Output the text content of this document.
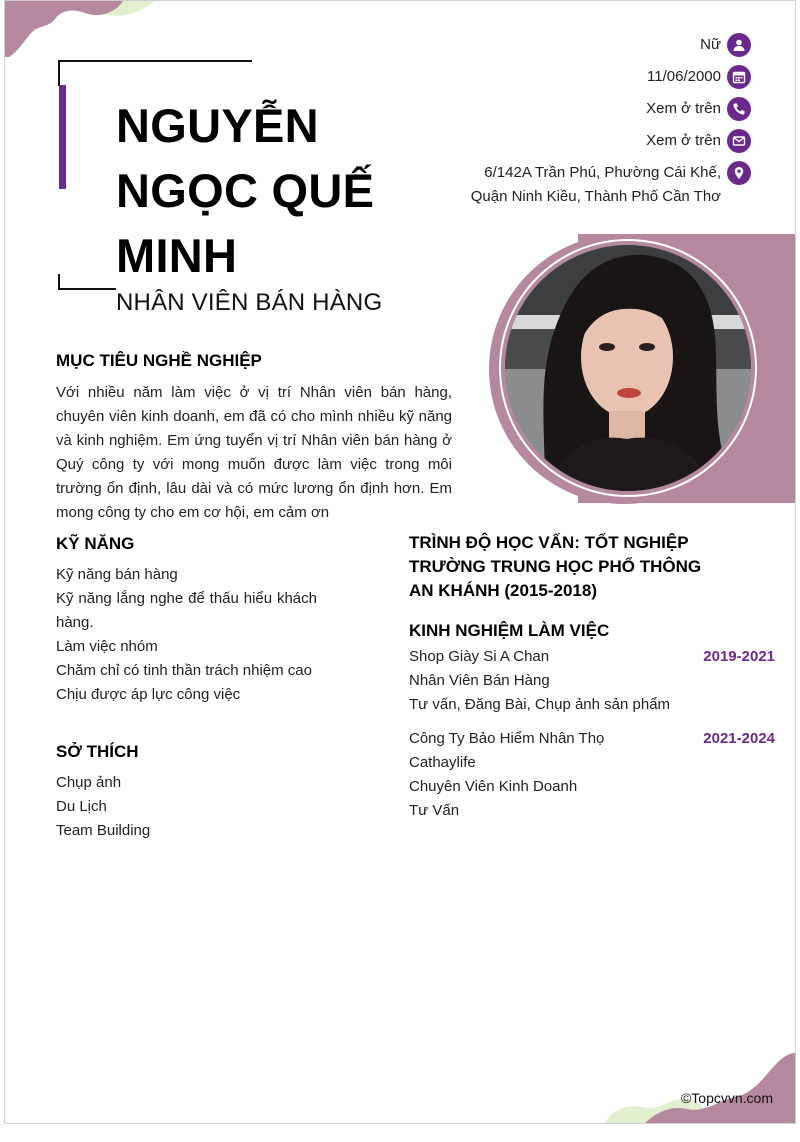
NGUYỄN NGỌC QUẾ MINH
NHÂN VIÊN BÁN HÀNG
Nữ
11/06/2000
Xem ở trên
Xem ở trên
6/142A Trần Phú, Phường Cái Khế,
Quận Ninh Kiều, Thành Phố Cần Thơ
MỤC TIÊU NGHỀ NGHIỆP
Với nhiều năm làm việc ở vị trí Nhân viên bán hàng, chuyên viên kinh doanh, em đã có cho mình nhiều kỹ năng và kinh nghiệm. Em ứng tuyển vị trí Nhân viên bán hàng ở Quý công ty với mong muốn được làm việc trong môi trường ổn định, lâu dài và có mức lương ổn định hơn. Em mong công ty cho em cơ hội, em cảm ơn
KỸ NĂNG
Kỹ năng bán hàng
Kỹ năng lắng nghe để thấu hiểu khách hàng.
Làm việc nhóm
Chăm chỉ có tinh thần trách nhiệm cao
Chịu được áp lực công việc
SỞ THÍCH
Chụp ảnh
Du Lịch
Team Building
TRÌNH ĐỘ HỌC VẤN: TỐT NGHIỆP TRƯỜNG TRUNG HỌC PHỔ THÔNG AN KHÁNH (2015-2018)
KINH NGHIỆM LÀM VIỆC
Shop Giày Si A Chan
Nhân Viên Bán Hàng
Tư vấn, Đăng Bài, Chụp ảnh sản phẩm
2019-2021
Công Ty Bảo Hiểm Nhân Thọ Cathaylife
Chuyên Viên Kinh Doanh
Tư Vấn
2021-2024
©Topcvvn.com
